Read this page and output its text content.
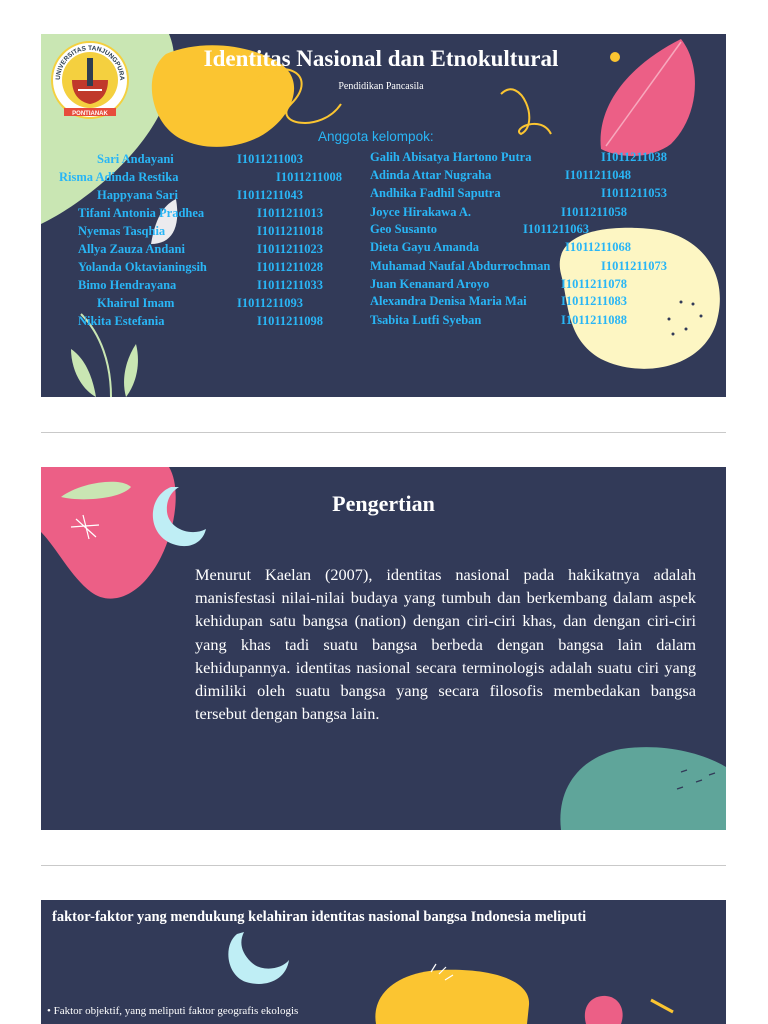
UNIVERSITAS TANJUNGPURA
PONTIANAK
Identitas Nasional dan Etnokultural
Pendidikan Pancasila
Anggota kelompok:
Sari Andayani	I1011211003
Risma Adinda Restika	I1011211008
Happyana Sari	I1011211043
Tifani Antonia Pradhea	I1011211013
Nyemas Tasqhia	I1011211018
Allya Zauza Andani	I1011211023
Yolanda Oktavianingsih	I1011211028
Bimo Hendrayana	I1011211033
Khairul Imam	I1011211093
Nikita Estefania	I1011211098
Galih Abisatya Hartono Putra	I1011211038
Adinda Attar Nugraha	I1011211048
Andhika Fadhil Saputra	I1011211053
Joyce Hirakawa A.	I1011211058
Geo Susanto	I1011211063
Dieta Gayu Amanda	I1011211068
Muhamad Naufal Abdurrochman	I1011211073
Juan Kenanard Aroyo	I1011211078
Alexandra Denisa Maria Mai	I1011211083
Tsabita Lutfi Syeban	I1011211088
Pengertian
Menurut Kaelan (2007), identitas nasional pada hakikatnya adalah manisfestasi nilai-nilai budaya yang tumbuh dan berkembang dalam aspek kehidupan satu bangsa (nation) dengan ciri-ciri khas, dan dengan ciri-ciri yang khas tadi suatu bangsa berbeda dengan bangsa lain dalam kehidupannya. identitas nasional secara terminologis adalah suatu ciri yang dimiliki oleh suatu bangsa yang secara filosofis membedakan bangsa tersebut dengan bangsa lain.
faktor-faktor yang mendukung kelahiran identitas nasional bangsa Indonesia meliputi
• Faktor objektif, yang meliputi faktor geografis ekologis
